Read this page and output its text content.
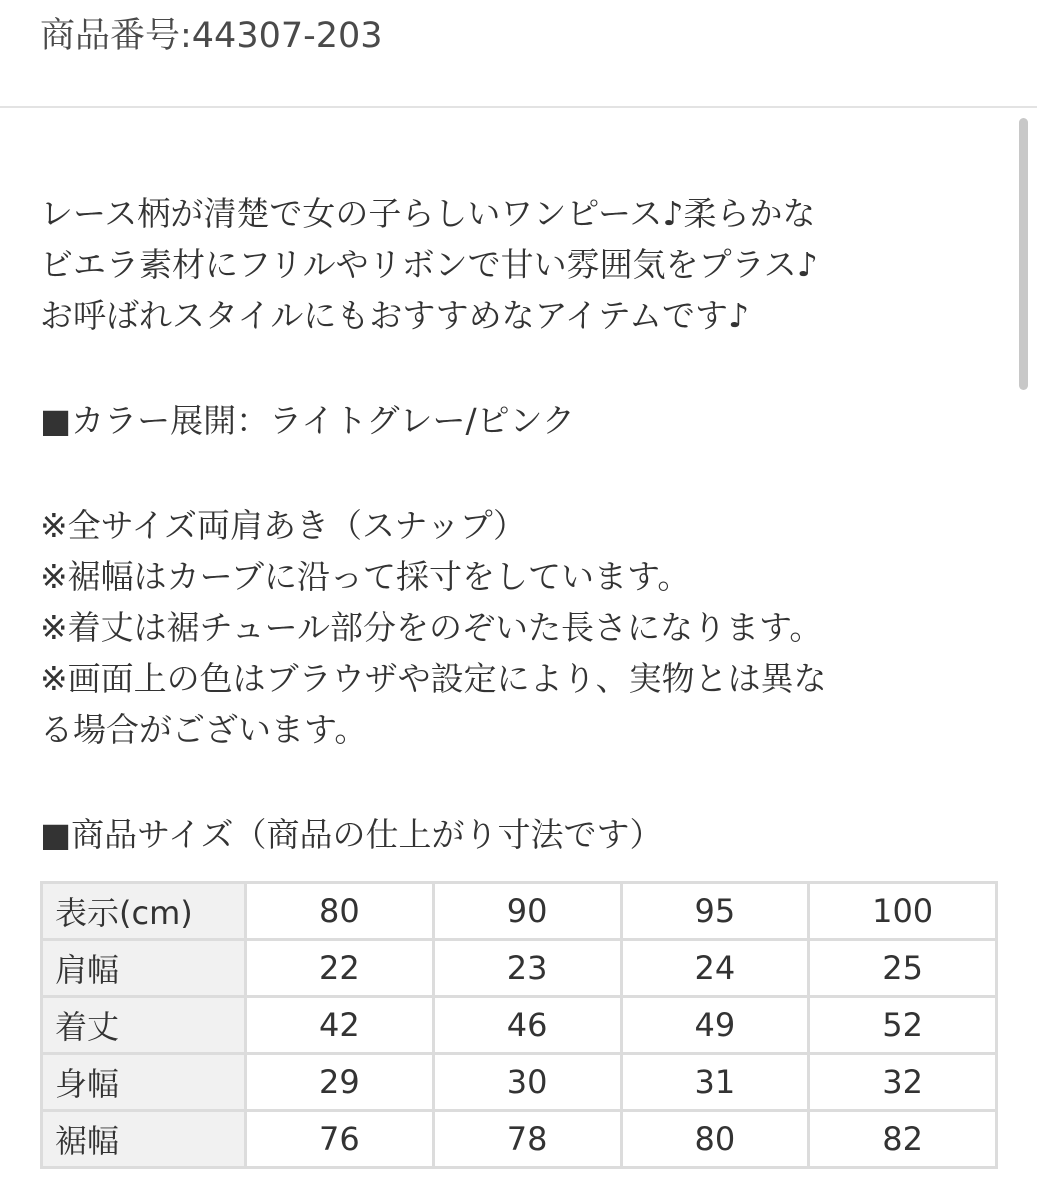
商品番号:44307-203

レース柄が清楚で女の子らしいワンピース♪柔らかな
ビエラ素材にフリルやリボンで甘い雰囲気をプラス♪
お呼ばれスタイルにもおすすめなアイテムです♪

■カラー展開：ライトグレー/ピンク

※全サイズ両肩あき（スナップ）
※裾幅はカーブに沿って採寸をしています。
※着丈は裾チュール部分をのぞいた長さになります。
※画面上の色はブラウザや設定により、実物とは異な
る場合がございます。

■商品サイズ（商品の仕上がり寸法です）

表示(cm)	80	90	95	100
肩幅	22	23	24	25
着丈	42	46	49	52
身幅	29	30	31	32
裾幅	76	78	80	82
